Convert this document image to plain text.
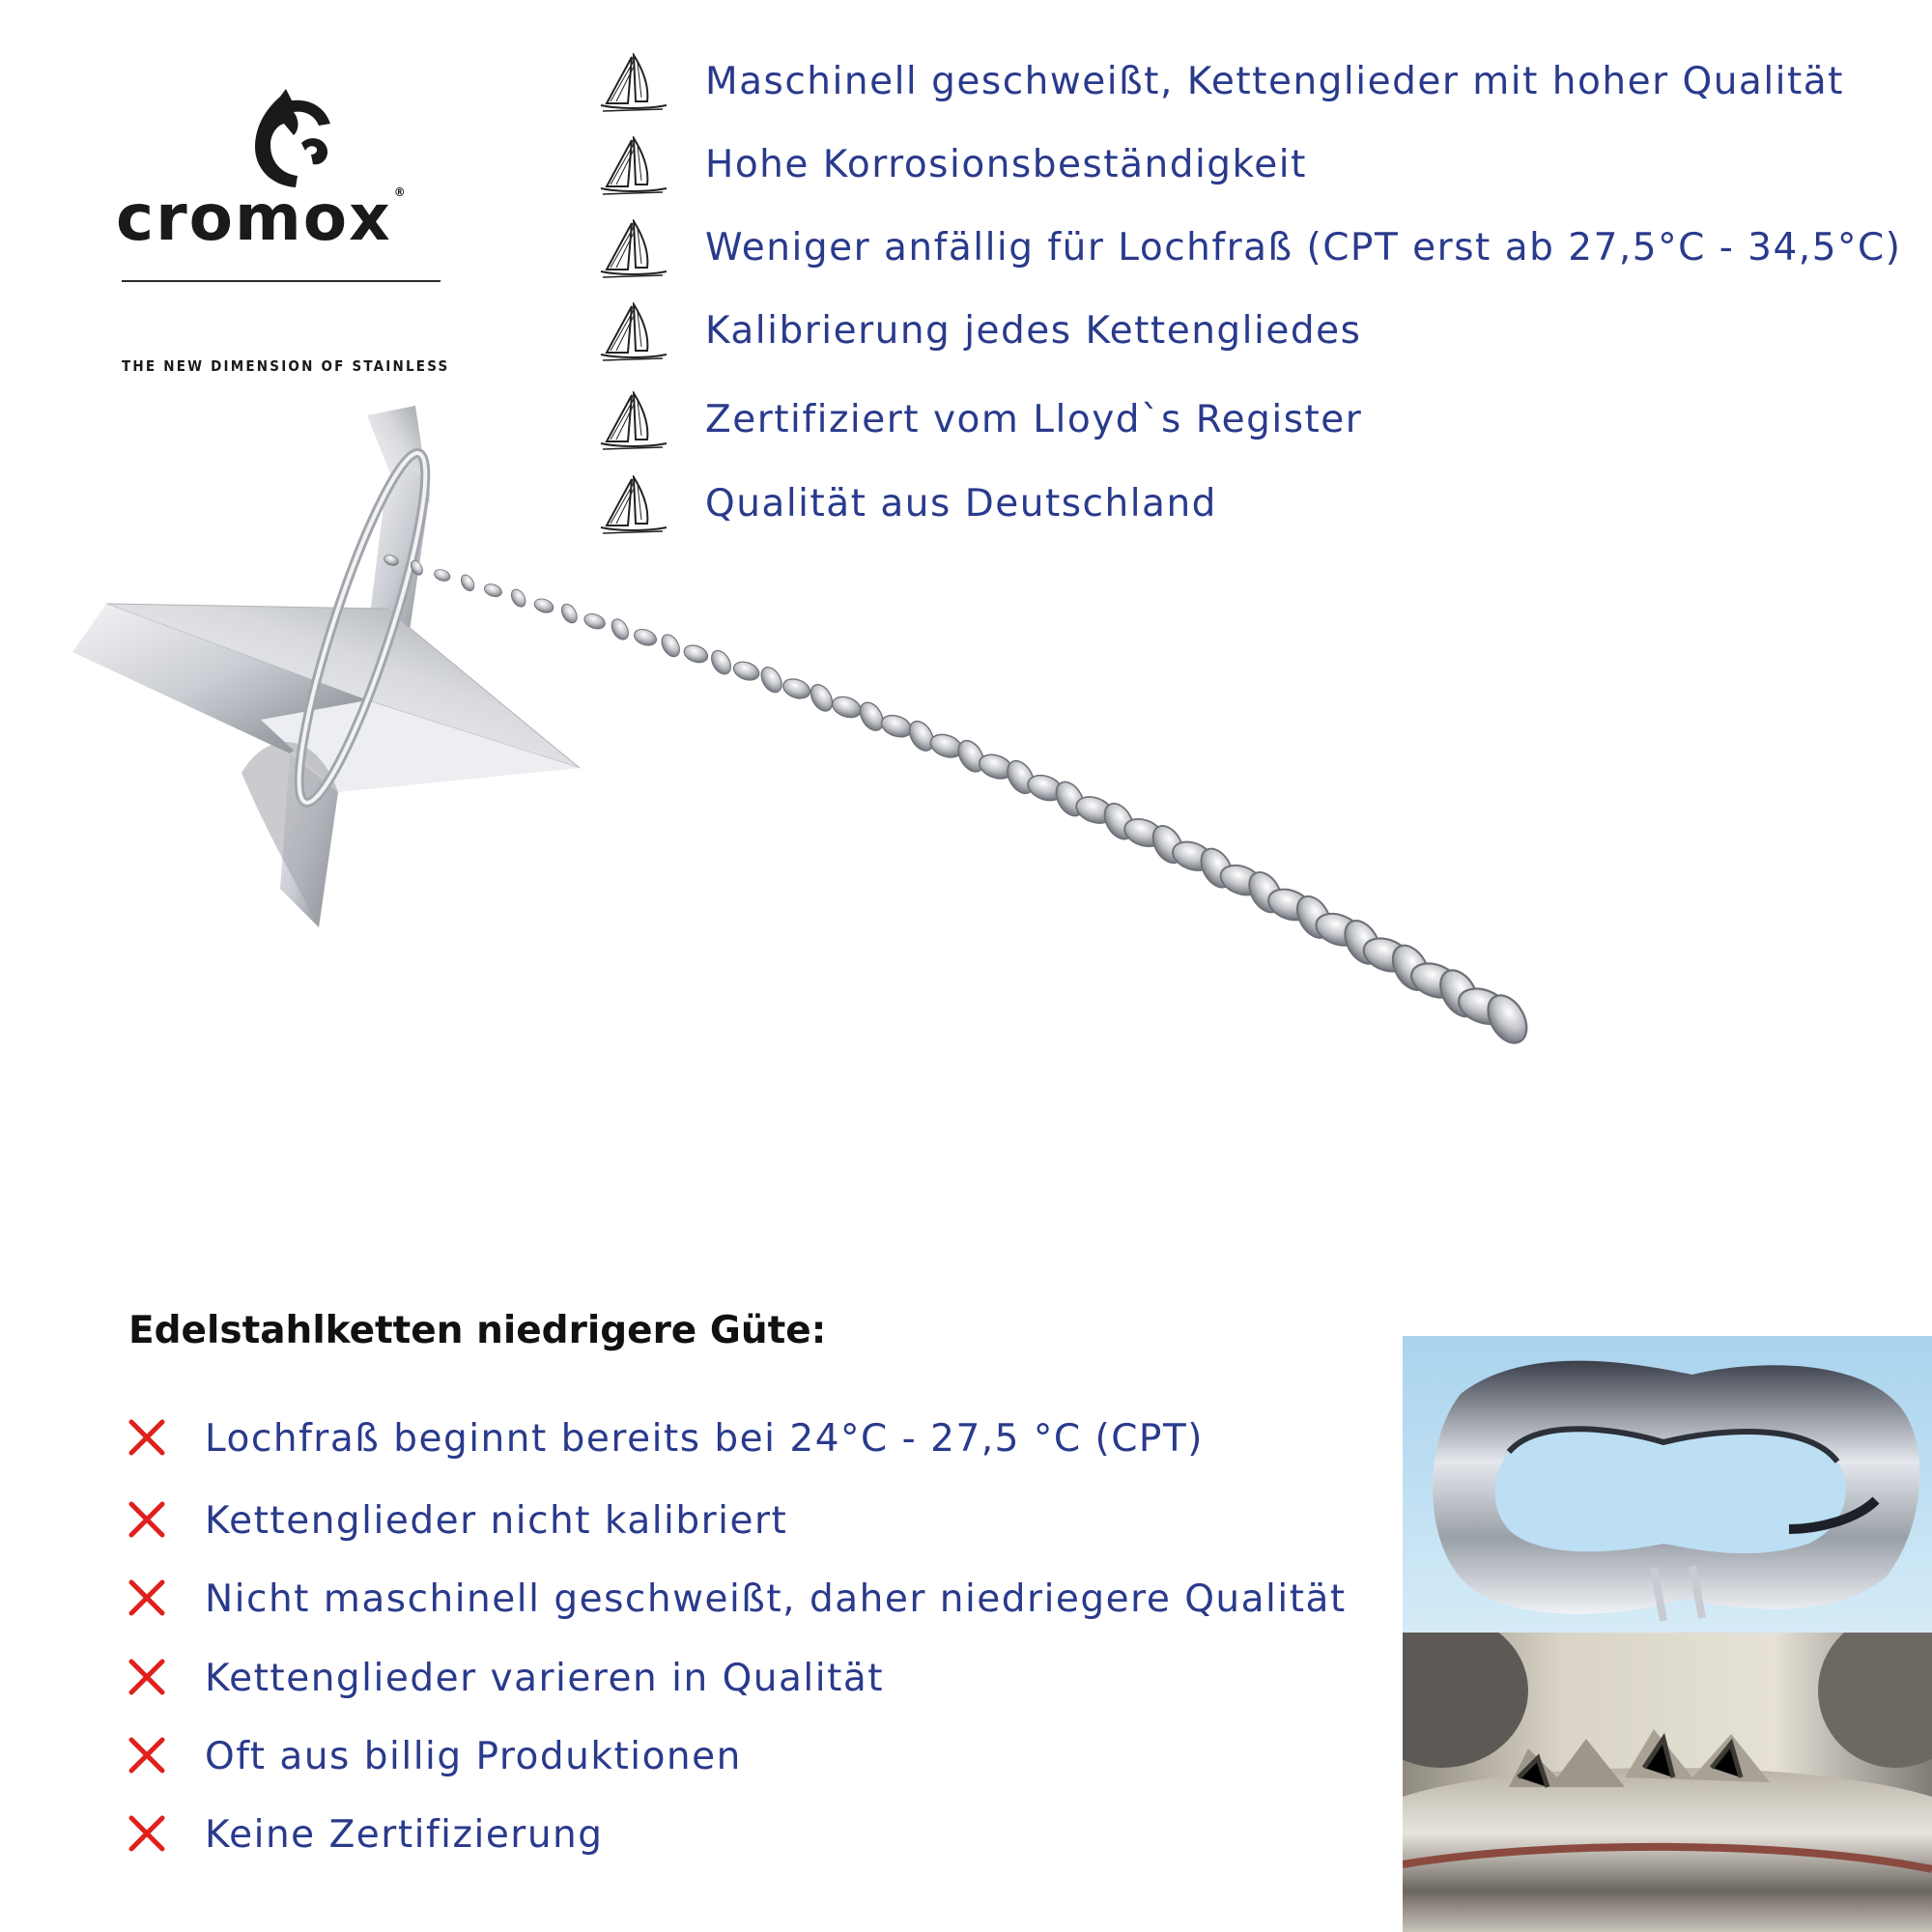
cromox ®
THE NEW DIMENSION OF STAINLESS
Maschinell geschweißt, Kettenglieder mit hoher Qualität
Hohe Korrosionsbeständigkeit
Weniger anfällig für Lochfraß (CPT erst ab 27,5°C - 34,5°C)
Kalibrierung jedes Kettengliedes
Zertifiziert vom Lloyd`s Register
Qualität aus Deutschland
Edelstahlketten niedrigere Güte:
Lochfraß beginnt bereits bei 24°C - 27,5 °C (CPT)
Kettenglieder nicht kalibriert
Nicht maschinell geschweißt, daher niedriegere Qualität
Kettenglieder varieren in Qualität
Oft aus billig Produktionen
Keine Zertifizierung
